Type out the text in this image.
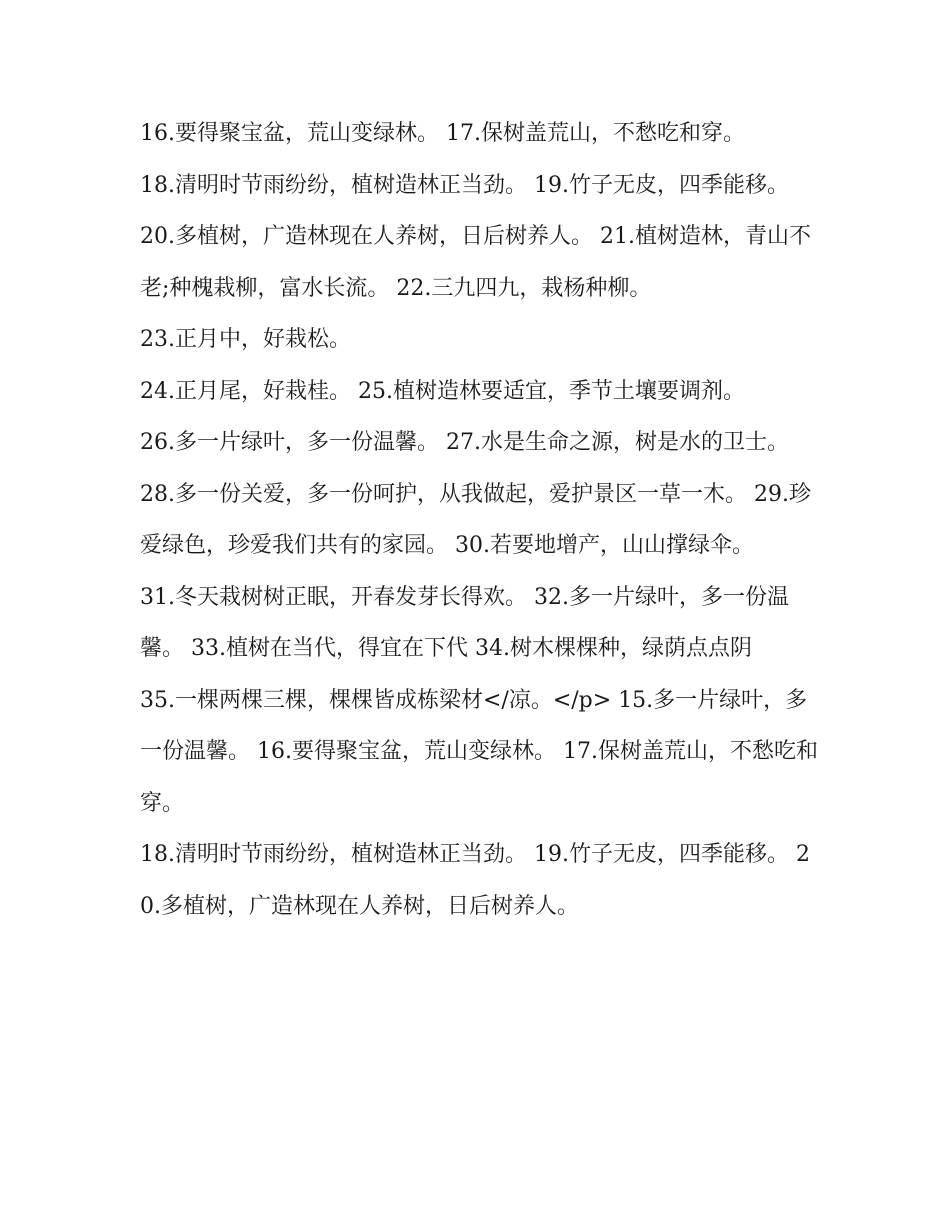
16.要得聚宝盆，荒山变绿林。 17.保树盖荒山，不愁吃和穿。

18.清明时节雨纷纷，植树造林正当劲。 19.竹子无皮，四季能移。

20.多植树，广造林现在人养树，日后树养人。 21.植树造林，青山不老;种槐栽柳，富水长流。 22.三九四九，栽杨种柳。

23.正月中，好栽松。

24.正月尾，好栽桂。 25.植树造林要适宜，季节土壤要调剂。

26.多一片绿叶，多一份温馨。 27.水是生命之源，树是水的卫士。

28.多一份关爱，多一份呵护，从我做起，爱护景区一草一木。 29.珍爱绿色，珍爱我们共有的家园。 30.若要地增产，山山撑绿伞。

31.冬天栽树树正眠，开春发芽长得欢。 32.多一片绿叶，多一份温馨。 33.植树在当代，得宜在下代 34.树木棵棵种，绿荫点点阴

35.一棵两棵三棵，棵棵皆成栋梁材</凉。</p> 15.多一片绿叶，多一份温馨。 16.要得聚宝盆，荒山变绿林。 17.保树盖荒山，不愁吃和穿。

18.清明时节雨纷纷，植树造林正当劲。 19.竹子无皮，四季能移。 20.多植树，广造林现在人养树，日后树养人。
